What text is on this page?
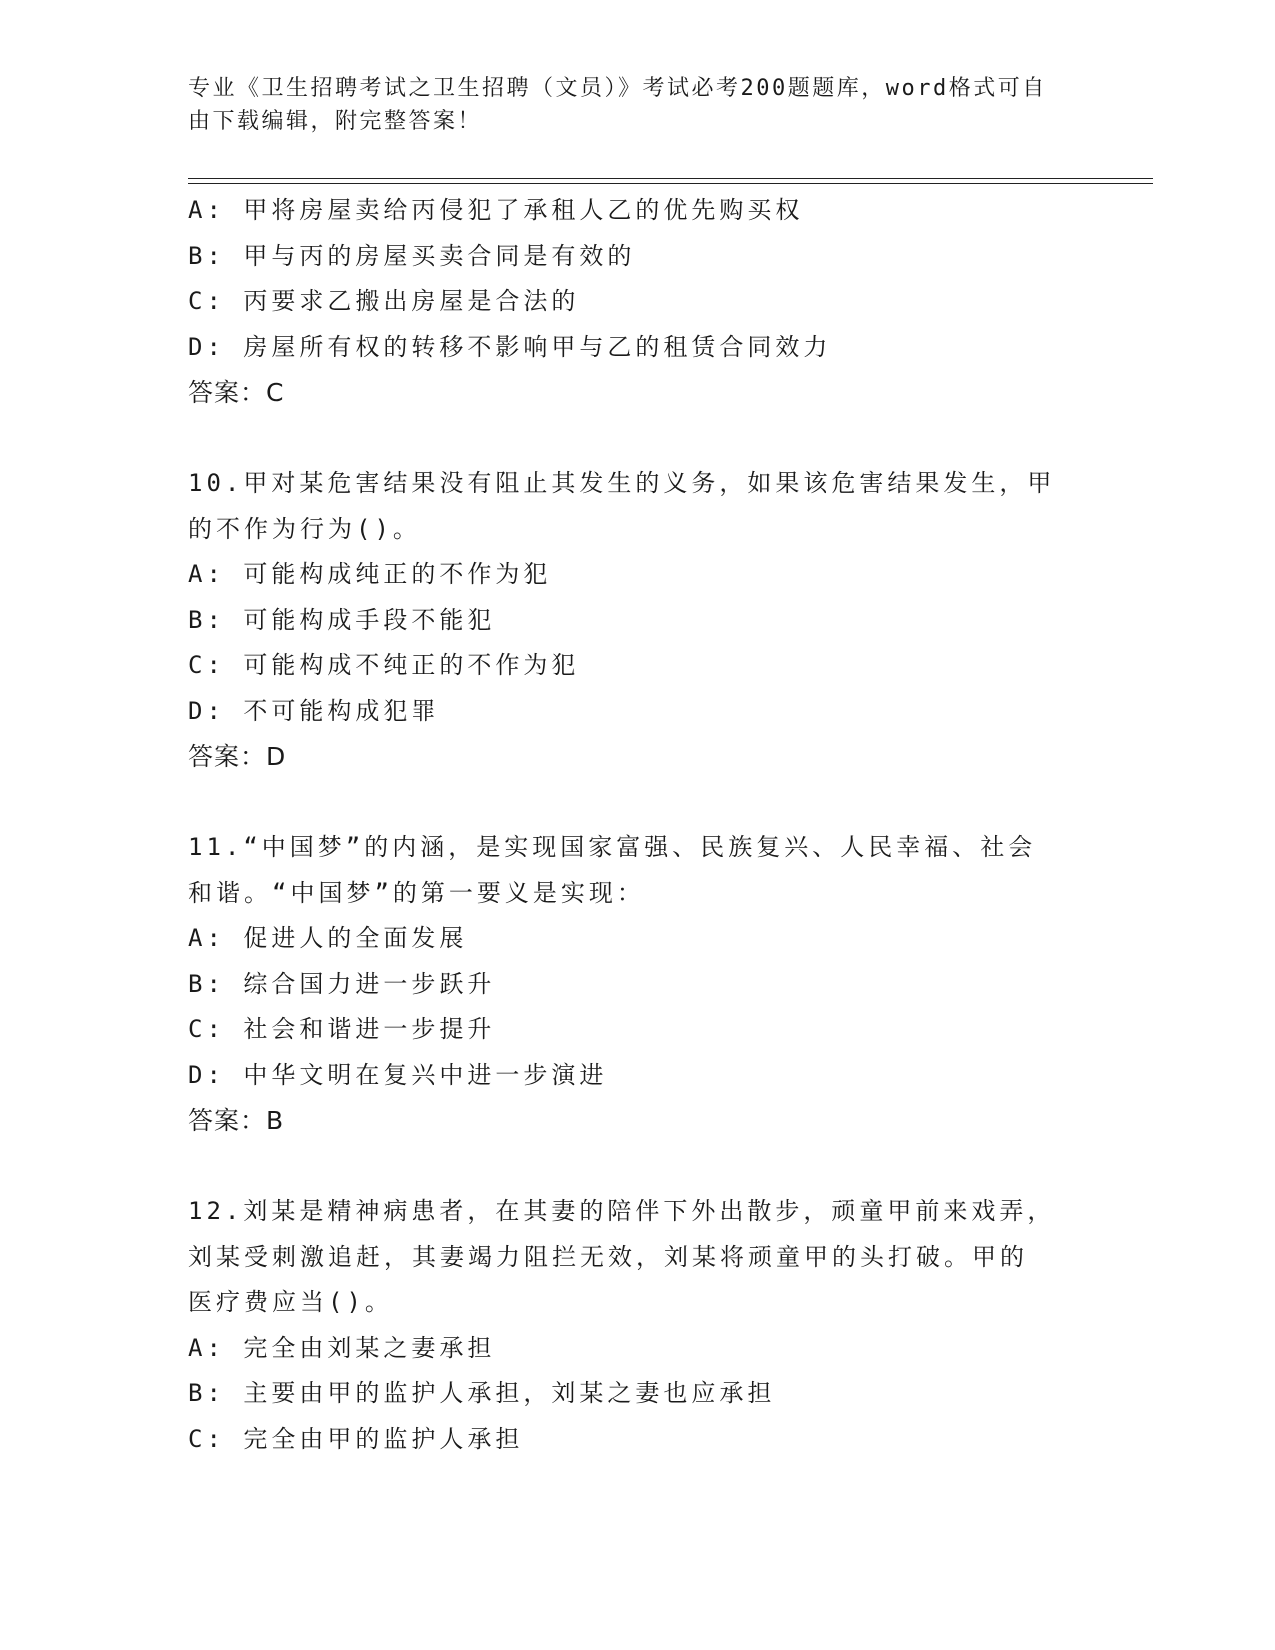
专业《卫生招聘考试之卫生招聘（文员）》考试必考200题题库，word格式可自
由下载编辑，附完整答案！
A: 甲将房屋卖给丙侵犯了承租人乙的优先购买权
B: 甲与丙的房屋买卖合同是有效的
C: 丙要求乙搬出房屋是合法的
D: 房屋所有权的转移不影响甲与乙的租赁合同效力
答案：C
10.甲对某危害结果没有阻止其发生的义务，如果该危害结果发生，甲
的不作为行为()。
A: 可能构成纯正的不作为犯
B: 可能构成手段不能犯
C: 可能构成不纯正的不作为犯
D: 不可能构成犯罪
答案：D
11.“中国梦”的内涵，是实现国家富强、民族复兴、人民幸福、社会
和谐。“中国梦”的第一要义是实现：
A: 促进人的全面发展
B: 综合国力进一步跃升
C: 社会和谐进一步提升
D: 中华文明在复兴中进一步演进
答案：B
12.刘某是精神病患者，在其妻的陪伴下外出散步，顽童甲前来戏弄，
刘某受刺激追赶，其妻竭力阻拦无效，刘某将顽童甲的头打破。甲的
医疗费应当()。
A: 完全由刘某之妻承担
B: 主要由甲的监护人承担，刘某之妻也应承担
C: 完全由甲的监护人承担
